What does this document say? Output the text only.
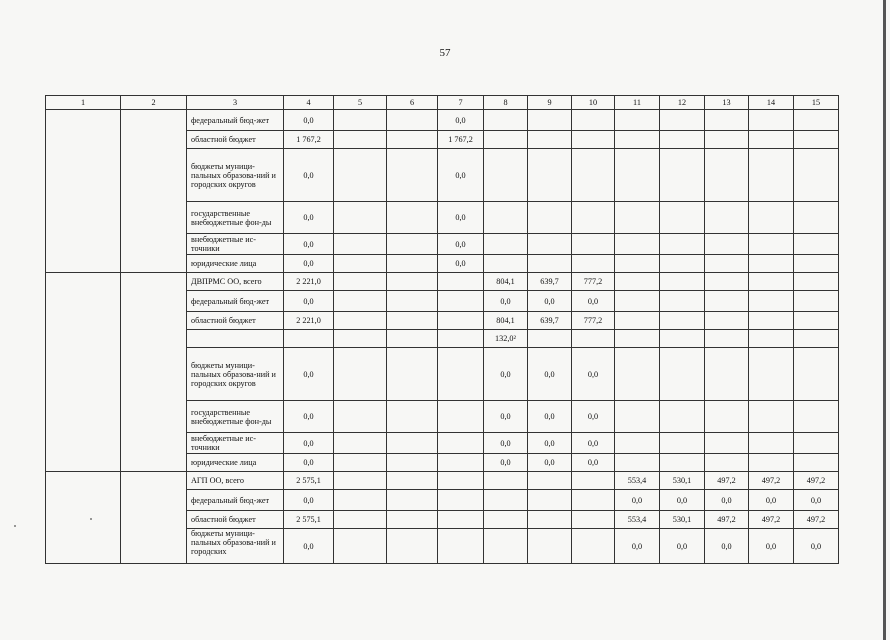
57
1	2	3	4	5	6	7	8	9	10	11	12	13	14	15
		федеральный бюд-жет	0,0			0,0								
		областной бюджет	1 767,2			1 767,2								
		бюджеты муници-пальных образова-ний и городских округов	0,0			0,0								
		государственные внебюджетные фон-ды	0,0			0,0								
		внебюджетные ис-точники	0,0			0,0								
		юридические лица	0,0			0,0								
		ДВПРМС ОО, всего	2 221,0				804,1	639,7	777,2					
		федеральный бюд-жет	0,0				0,0	0,0	0,0					
		областной бюджет	2 221,0				804,1	639,7	777,2					
							132,0²							
		бюджеты муници-пальных образова-ний и городских округов	0,0				0,0	0,0	0,0					
		государственные внебюджетные фон-ды	0,0				0,0	0,0	0,0					
		внебюджетные ис-точники	0,0				0,0	0,0	0,0					
		юридические лица	0,0				0,0	0,0	0,0					
		АГП ОО, всего	2 575,1							553,4	530,1	497,2	497,2	497,2
		федеральный бюд-жет	0,0							0,0	0,0	0,0	0,0	0,0
		областной бюджет	2 575,1							553,4	530,1	497,2	497,2	497,2
		бюджеты муници-пальных образова-ний и городских	0,0							0,0	0,0	0,0	0,0	0,0
